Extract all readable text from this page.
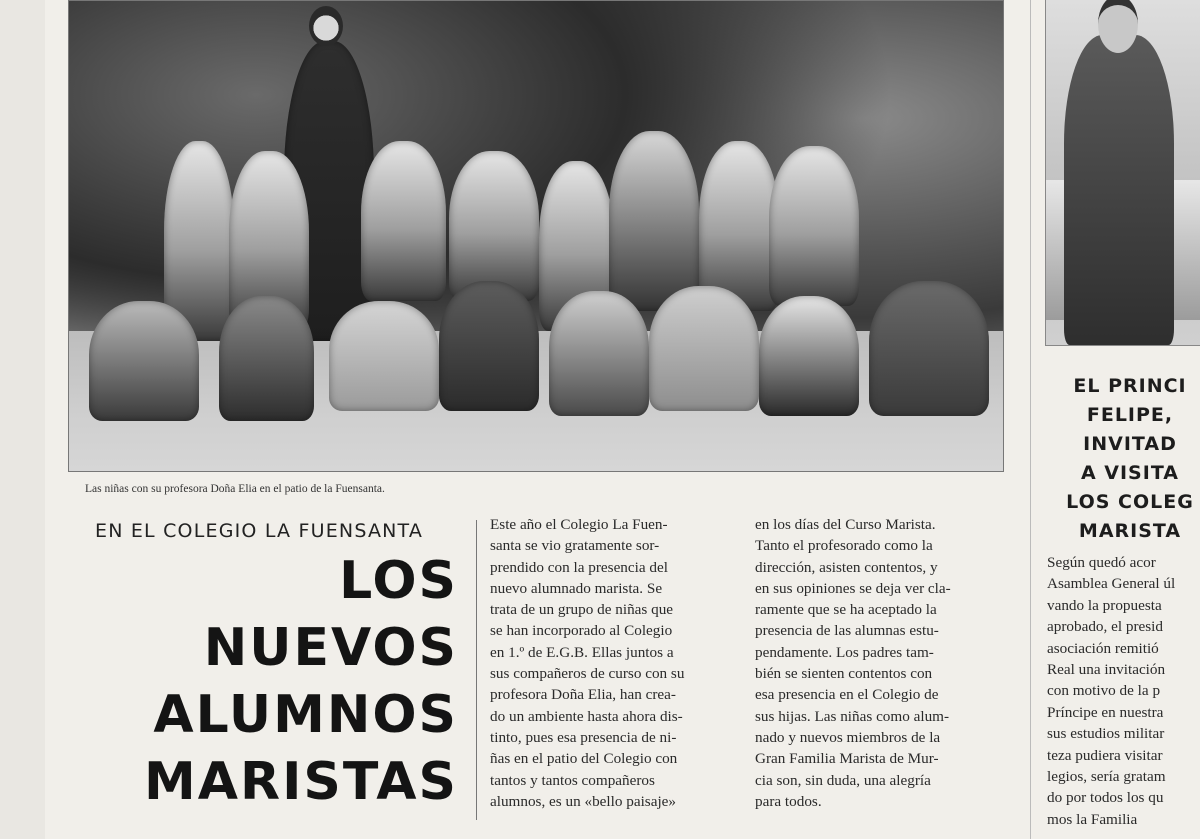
Las niñas con su profesora Doña Elia en el patio de la Fuensanta.
EN EL COLEGIO LA FUENSANTA
LOS
NUEVOS
ALUMNOS
MARISTAS
Este año el Colegio La Fuen-
santa se vio gratamente sor-
prendido con la presencia del
nuevo alumnado marista. Se
trata de un grupo de niñas que
se han incorporado al Colegio
en 1.º de E.G.B. Ellas juntos a
sus compañeros de curso con su
profesora Doña Elia, han crea-
do un ambiente hasta ahora dis-
tinto, pues esa presencia de ni-
ñas en el patio del Colegio con
tantos y tantos compañeros
alumnos, es un «bello paisaje»
en los días del Curso Marista.
Tanto el profesorado como la
dirección, asisten contentos, y
en sus opiniones se deja ver cla-
ramente que se ha aceptado la
presencia de las alumnas estu-
pendamente. Los padres tam-
bién se sienten contentos con
esa presencia en el Colegio de
sus hijas. Las niñas como alum-
nado y nuevos miembros de la
Gran Familia Marista de Mur-
cia son, sin duda, una alegría
para todos.
EL PRINCI
FELIPE,
INVITAD
A VISITA
LOS COLEG
MARISTA
Según quedó acor
Asamblea General úl
vando la propuesta
aprobado, el presid
asociación remitió
Real una invitación
con motivo de la p
Príncipe en nuestra
sus estudios militar
teza pudiera visitar
legios, sería gratam
do por todos los qu
mos la Familia
